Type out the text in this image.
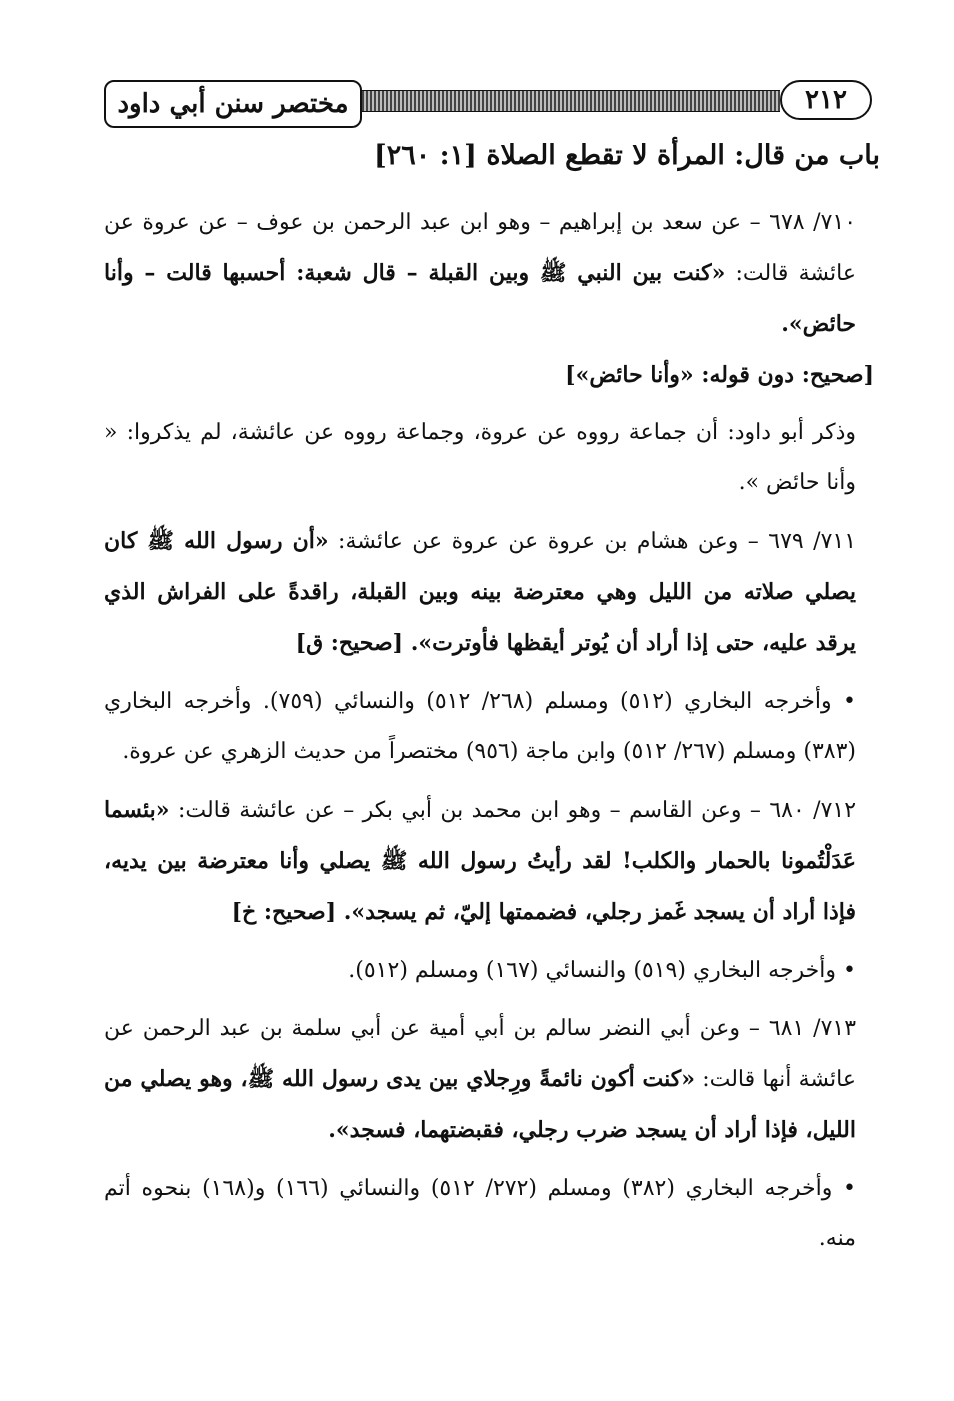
مختصر سنن أبي داود	٢١٢
باب من قال: المرأة لا تقطع الصلاة [١: ٢٦٠]

٧١٠/ ٦٧٨ – عن سعد بن إبراهيم – وهو ابن عبد الرحمن بن عوف – عن عروة عن عائشة قالت: «كنت بين النبي ﷺ وبين القبلة – قال شعبة: أحسبها قالت – وأنا حائض».

[صحيح: دون قوله: «وأنا حائض»]

وذكر أبو داود: أن جماعة رووه عن عروة، وجماعة رووه عن عائشة، لم يذكروا: « وأنا حائض ».

٧١١/ ٦٧٩ – وعن هشام بن عروة عن عروة عن عائشة: «أن رسول الله ﷺ كان يصلي صلاته من الليل وهي معترضة بينه وبين القبلة، راقدةً على الفراش الذي يرقد عليه، حتى إذا أراد أن يُوتر أيقظها فأوترت». [صحيح: ق]

• وأخرجه البخاري (٥١٢) ومسلم (٢٦٨/ ٥١٢) والنسائي (٧٥٩). وأخرجه البخاري (٣٨٣) ومسلم (٢٦٧/ ٥١٢) وابن ماجة (٩٥٦) مختصراً من حديث الزهري عن عروة.

٧١٢/ ٦٨٠ – وعن القاسم – وهو ابن محمد بن أبي بكر – عن عائشة قالت: «بئسما عَدَلْتُمونا بالحمار والكلب! لقد رأيتُ رسول الله ﷺ يصلي وأنا معترضة بين يديه، فإذا أراد أن يسجد غَمز رجلي، فضممتها إليّ، ثم يسجد». [صحيح: خ]

• وأخرجه البخاري (٥١٩) والنسائي (١٦٧) ومسلم (٥١٢).

٧١٣/ ٦٨١ – وعن أبي النضر سالم بن أبي أمية عن أبي سلمة بن عبد الرحمن عن عائشة أنها قالت: «كنت أكون نائمةً ورِجلاي بين يدى رسول الله ﷺ، وهو يصلي من الليل، فإذا أراد أن يسجد ضرب رجلي، فقبضتهما، فسجد».

• وأخرجه البخاري (٣٨٢) ومسلم (٢٧٢/ ٥١٢) والنسائي (١٦٦) و(١٦٨) بنحوه أتم منه.
